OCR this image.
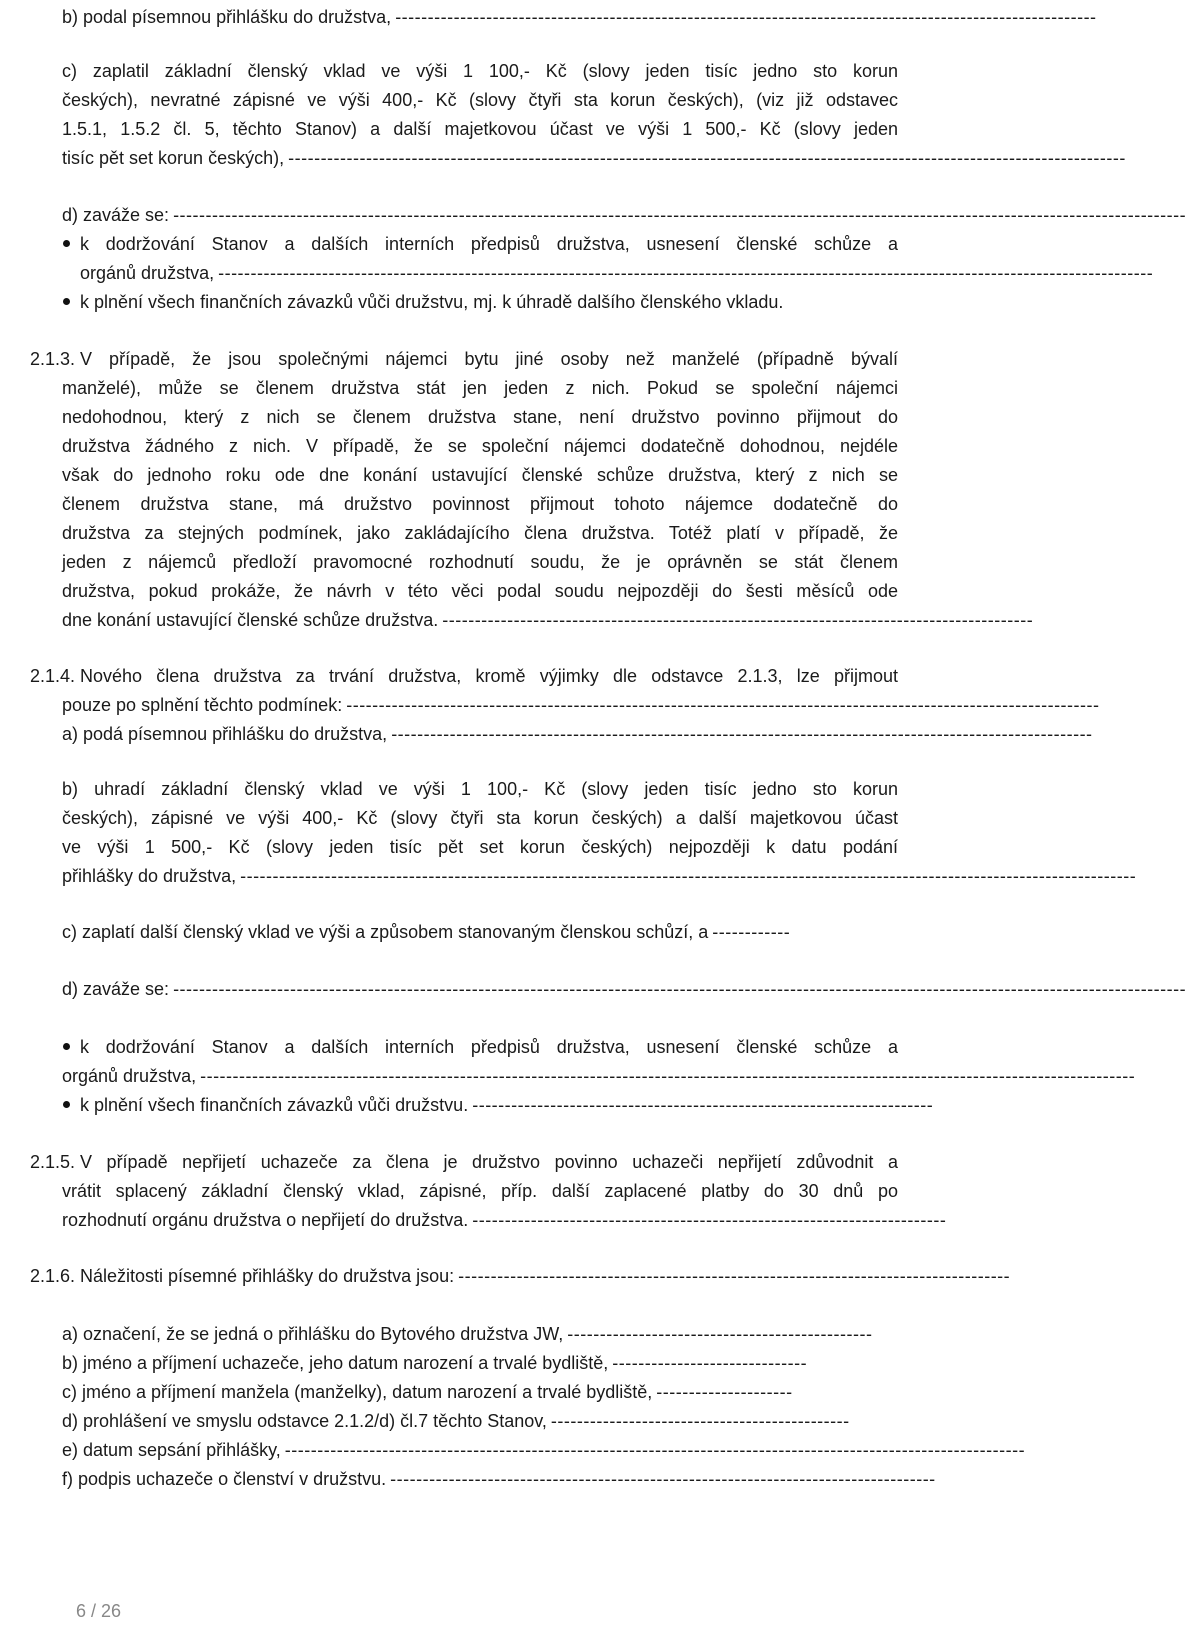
b) podal písemnou přihlášku do družstva, ------------------------------------------------------------------------------------------------------------
c) zaplatil základní členský vklad ve výši 1 100,- Kč (slovy jeden tisíc jedno sto korun
českých), nevratné zápisné ve výši 400,- Kč (slovy čtyři sta korun českých), (viz již odstavec
1.5.1, 1.5.2 čl. 5, těchto Stanov) a další majetkovou účast ve výši 1 500,- Kč (slovy jeden
tisíc pět set korun českých), ---------------------------------------------------------------------------------------------------------------------------------
d) zaváže se: ------------------------------------------------------------------------------------------------------------------------------------------------------------
k dodržování Stanov a dalších interních předpisů družstva, usnesení členské schůze a
orgánů družstva, ------------------------------------------------------------------------------------------------------------------------------------------------
k plnění všech finančních závazků vůči družstvu, mj. k úhradě dalšího členského vkladu.
2.1.3. V případě, že jsou společnými nájemci bytu jiné osoby než manželé (případně bývalí
manželé), může se členem družstva stát jen jeden z nich. Pokud se společní nájemci
nedohodnou, který z nich se členem družstva stane, není družstvo povinno přijmout do
družstva žádného z nich. V případě, že se společní nájemci dodatečně dohodnou, nejdéle
však do jednoho roku ode dne konání ustavující členské schůze družstva, který z nich se
členem družstva stane, má družstvo povinnost přijmout tohoto nájemce dodatečně do
družstva za stejných podmínek, jako zakládajícího člena družstva. Totéž platí v případě, že
jeden z nájemců předloží pravomocné rozhodnutí soudu, že je oprávněn se stát členem
družstva, pokud prokáže, že návrh v této věci podal soudu nejpozději do šesti měsíců ode
dne konání ustavující členské schůze družstva. -------------------------------------------------------------------------------------------
2.1.4. Nového člena družstva za trvání družstva, kromě výjimky dle odstavce 2.1.3, lze přijmout
pouze po splnění těchto podmínek: --------------------------------------------------------------------------------------------------------------------
a) podá písemnou přihlášku do družstva, ------------------------------------------------------------------------------------------------------------
b) uhradí základní členský vklad ve výši 1 100,- Kč (slovy jeden tisíc jedno sto korun
českých), zápisné ve výši 400,- Kč (slovy čtyři sta korun českých) a další majetkovou účast
ve výši 1 500,- Kč (slovy jeden tisíc pět set korun českých) nejpozději k datu podání
přihlášky do družstva, ------------------------------------------------------------------------------------------------------------------------------------------
c) zaplatí další členský vklad ve výši a způsobem stanovaným členskou schůzí, a ------------
d) zaváže se: ------------------------------------------------------------------------------------------------------------------------------------------------------------
k dodržování Stanov a dalších interních předpisů družstva, usnesení členské schůze a
orgánů družstva, ------------------------------------------------------------------------------------------------------------------------------------------------
k plnění všech finančních závazků vůči družstvu. -----------------------------------------------------------------------
2.1.5. V případě nepřijetí uchazeče za člena je družstvo povinno uchazeči nepřijetí zdůvodnit a
vrátit splacený základní členský vklad, zápisné, příp. další zaplacené platby do 30 dnů po
rozhodnutí orgánu družstva o nepřijetí do družstva. -------------------------------------------------------------------------
2.1.6. Náležitosti písemné přihlášky do družstva jsou: -------------------------------------------------------------------------------------
a) označení, že se jedná o přihlášku do Bytového družstva JW, -----------------------------------------------
b) jméno a příjmení uchazeče, jeho datum narození a trvalé bydliště, ------------------------------
c) jméno a příjmení manžela (manželky), datum narození a trvalé bydliště, ---------------------
d) prohlášení ve smyslu odstavce 2.1.2/d) čl.7 těchto Stanov, ----------------------------------------------
e) datum sepsání přihlášky, ------------------------------------------------------------------------------------------------------------------
f) podpis uchazeče o členství v družstvu. ------------------------------------------------------------------------------------
6 / 26
